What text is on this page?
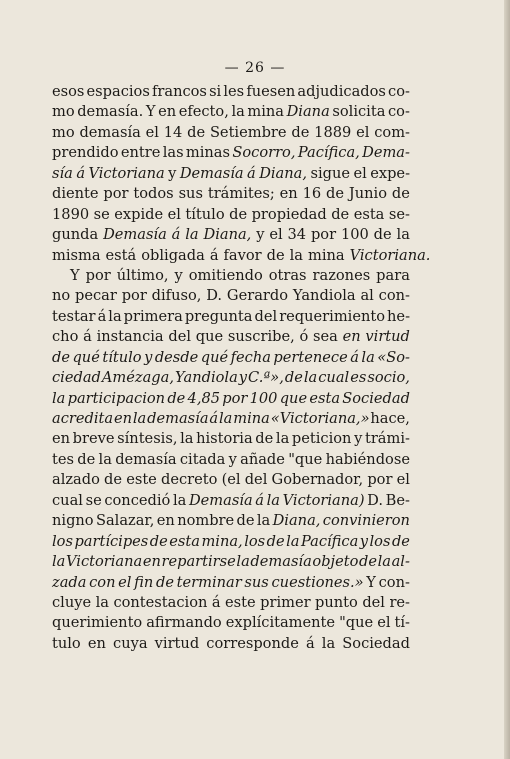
— 26 —
esos espacios francos si les fuesen adjudicados co-
mo demasía. Y en efecto, la mina Diana solicita co-
mo demasía el 14 de Setiembre de 1889 el com-
prendido entre las minas Socorro, Pacífica, Dema-
sía á Victoriana y Demasía á Diana, sigue el expe-
diente por todos sus trámites; en 16 de Junio de
1890 se expide el título de propiedad de esta se-
gunda Demasía á la Diana, y el 34 por 100 de la
misma está obligada á favor de la mina Victoriana.
Y por último, y omitiendo otras razones para
no pecar por difuso, D. Gerardo Yandiola al con-
testar á la primera pregunta del requerimiento he-
cho á instancia del que suscribe, ó sea en virtud
de qué título y desde qué fecha pertenece á la «So-
ciedad Amézaga, Yandiola y C.ª», de la cual es socio,
la participacion de 4,85 por 100 que esta Sociedad
acredita en la demasía á la mina «Victoriana,» hace,
en breve síntesis, la historia de la peticion y trámi-
tes de la demasía citada y añade "que habiéndose
alzado de este decreto (el del Gobernador, por el
cual se concedió la Demasía á la Victoriana) D. Be-
nigno Salazar, en nombre de la Diana, convinieron
los partícipes de esta mina, los de la Pacífica y los de
la Victoriana en repartirse la demasía objeto de la al-
zada con el fin de terminar sus cuestiones.» Y con-
cluye la contestacion á este primer punto del re-
querimiento afirmando explícitamente "que el tí-
tulo en cuya virtud corresponde á la Sociedad
